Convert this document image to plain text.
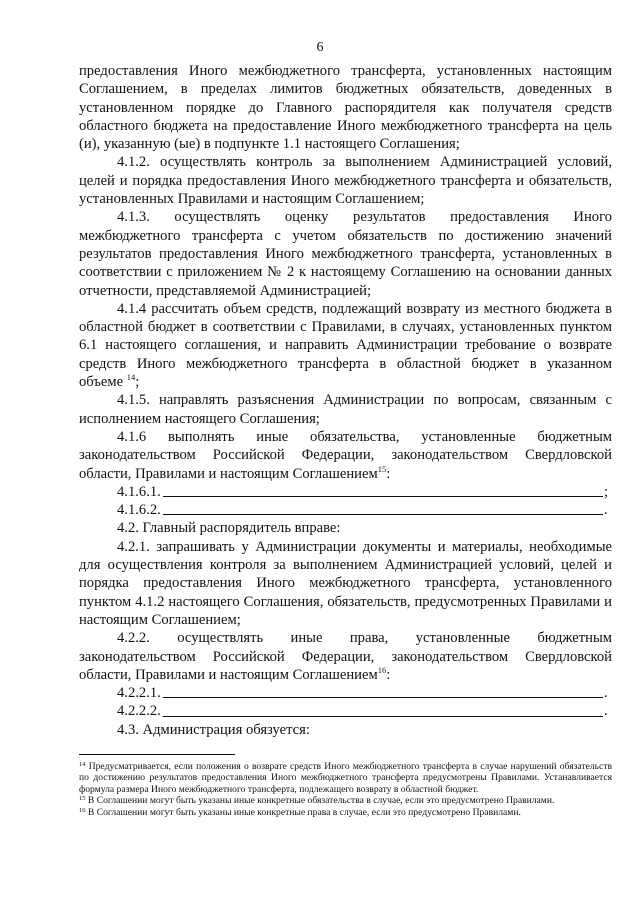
6

предоставления Иного межбюджетного трансферта, установленных настоящим Соглашением, в пределах лимитов бюджетных обязательств, доведенных в установленном порядке до Главного распорядителя как получателя средств областного бюджета на предоставление Иного межбюджетного трансферта на цель (и), указанную (ые) в подпункте 1.1 настоящего Соглашения;

4.1.2. осуществлять контроль за выполнением Администрацией условий, целей и порядка предоставления Иного межбюджетного трансферта и обязательств, установленных Правилами и настоящим Соглашением;

4.1.3. осуществлять оценку результатов предоставления Иного межбюджетного трансферта с учетом обязательств по достижению значений результатов предоставления Иного межбюджетного трансферта, установленных в соответствии с приложением № 2 к настоящему Соглашению на основании данных отчетности, представляемой Администрацией;

4.1.4 рассчитать объем средств, подлежащий возврату из местного бюджета в областной бюджет в соответствии с Правилами, в случаях, установленных пунктом 6.1 настоящего соглашения, и направить Администрации требование о возврате средств Иного межбюджетного трансферта в областной бюджет в указанном объеме $^{14}$;

4.1.5. направлять разъяснения Администрации по вопросам, связанным с исполнением настоящего Соглашения;

4.1.6 выполнять иные обязательства, установленные бюджетным законодательством Российской Федерации, законодательством Свердловской области, Правилами и настоящим Соглашением$^{15}$:

4.1.6.1.	;
4.1.6.2.	.

4.2. Главный распорядитель вправе:

4.2.1. запрашивать у Администрации документы и материалы, необходимые для осуществления контроля за выполнением Администрацией условий, целей и порядка предоставления Иного межбюджетного трансферта, установленного пунктом 4.1.2 настоящего Соглашения, обязательств, предусмотренных Правилами и настоящим Соглашением;

4.2.2. осуществлять иные права, установленные бюджетным законодательством Российской Федерации, законодательством Свердловской области, Правилами и настоящим Соглашением$^{16}$:

4.2.2.1.	.
4.2.2.2.	.

4.3. Администрация обязуется:

$^{14}$ Предусматривается, если положения о возврате средств Иного межбюджетного трансферта в случае нарушений обязательств по достижению результатов предоставления Иного межбюджетного трансферта предусмотрены Правилами. Устанавливается формула размера Иного межбюджетного трансферта, подлежащего возврату в областной бюджет.

$^{15}$ В Соглашении могут быть указаны иные конкретные обязательства в случае, если это предусмотрено Правилами.

$^{16}$ В Соглашении могут быть указаны иные конкретные права в случае, если это предусмотрено Правилами.
